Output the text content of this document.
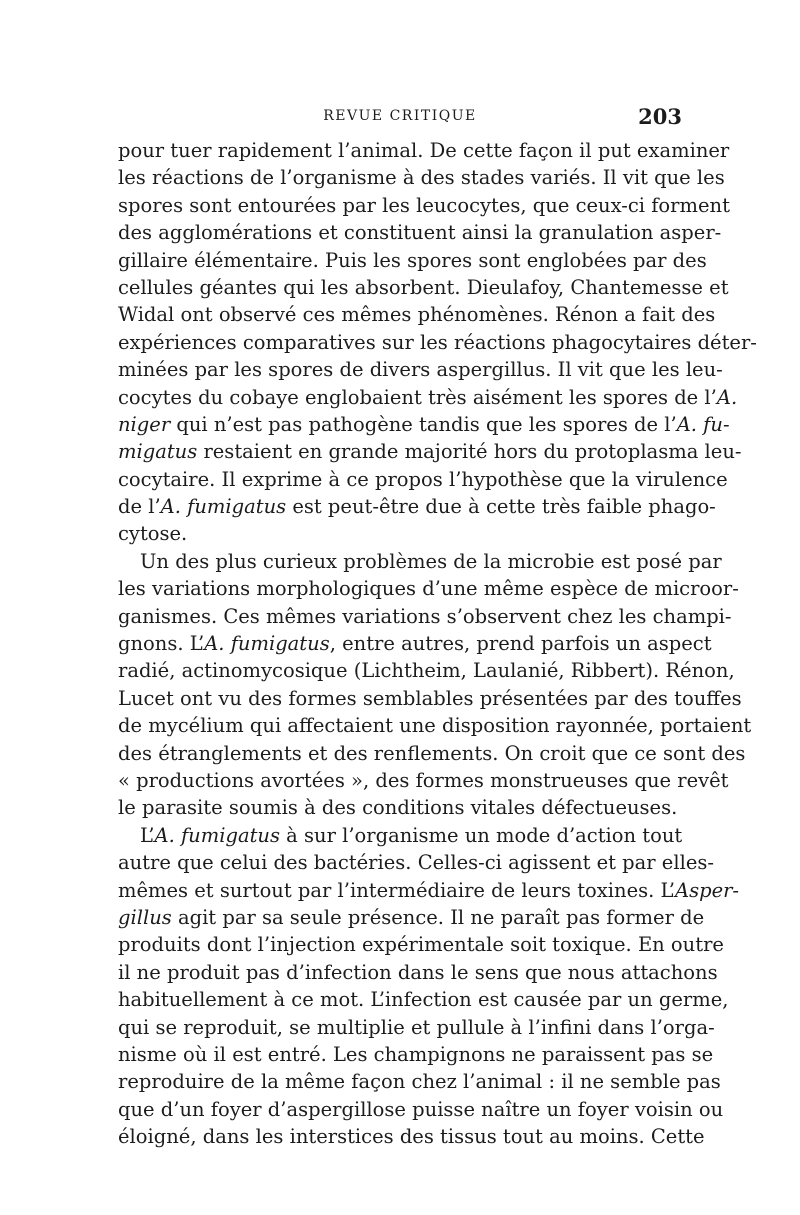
REVUE CRITIQUE	203
pour tuer rapidement l’animal. De cette façon il put examiner
les réactions de l’organisme à des stades variés. Il vit que les
spores sont entourées par les leucocytes, que ceux-ci forment
des agglomérations et constituent ainsi la granulation asper-
gillaire élémentaire. Puis les spores sont englobées par des
cellules géantes qui les absorbent. Dieulafoy, Chantemesse et
Widal ont observé ces mêmes phénomènes. Rénon a fait des
expériences comparatives sur les réactions phagocytaires déter-
minées par les spores de divers aspergillus. Il vit que les leu-
cocytes du cobaye englobaient très aisément les spores de l’A.
niger qui n’est pas pathogène tandis que les spores de l’A. fu-
migatus restaient en grande majorité hors du protoplasma leu-
cocytaire. Il exprime à ce propos l’hypothèse que la virulence
de l’A. fumigatus est peut-être due à cette très faible phago-
cytose.
Un des plus curieux problèmes de la microbie est posé par
les variations morphologiques d’une même espèce de microor-
ganismes. Ces mêmes variations s’observent chez les champi-
gnons. L’A. fumigatus, entre autres, prend parfois un aspect
radié, actinomycosique (Lichtheim, Laulanié, Ribbert). Rénon,
Lucet ont vu des formes semblables présentées par des touffes
de mycélium qui affectaient une disposition rayonnée, portaient
des étranglements et des renflements. On croit que ce sont des
« productions avortées », des formes monstrueuses que revêt
le parasite soumis à des conditions vitales défectueuses.
L’A. fumigatus à sur l’organisme un mode d’action tout
autre que celui des bactéries. Celles-ci agissent et par elles-
mêmes et surtout par l’intermédiaire de leurs toxines. L’Asper-
gillus agit par sa seule présence. Il ne paraît pas former de
produits dont l’injection expérimentale soit toxique. En outre
il ne produit pas d’infection dans le sens que nous attachons
habituellement à ce mot. L’infection est causée par un germe,
qui se reproduit, se multiplie et pullule à l’infini dans l’orga-
nisme où il est entré. Les champignons ne paraissent pas se
reproduire de la même façon chez l’animal : il ne semble pas
que d’un foyer d’aspergillose puisse naître un foyer voisin ou
éloigné, dans les interstices des tissus tout au moins. Cette
